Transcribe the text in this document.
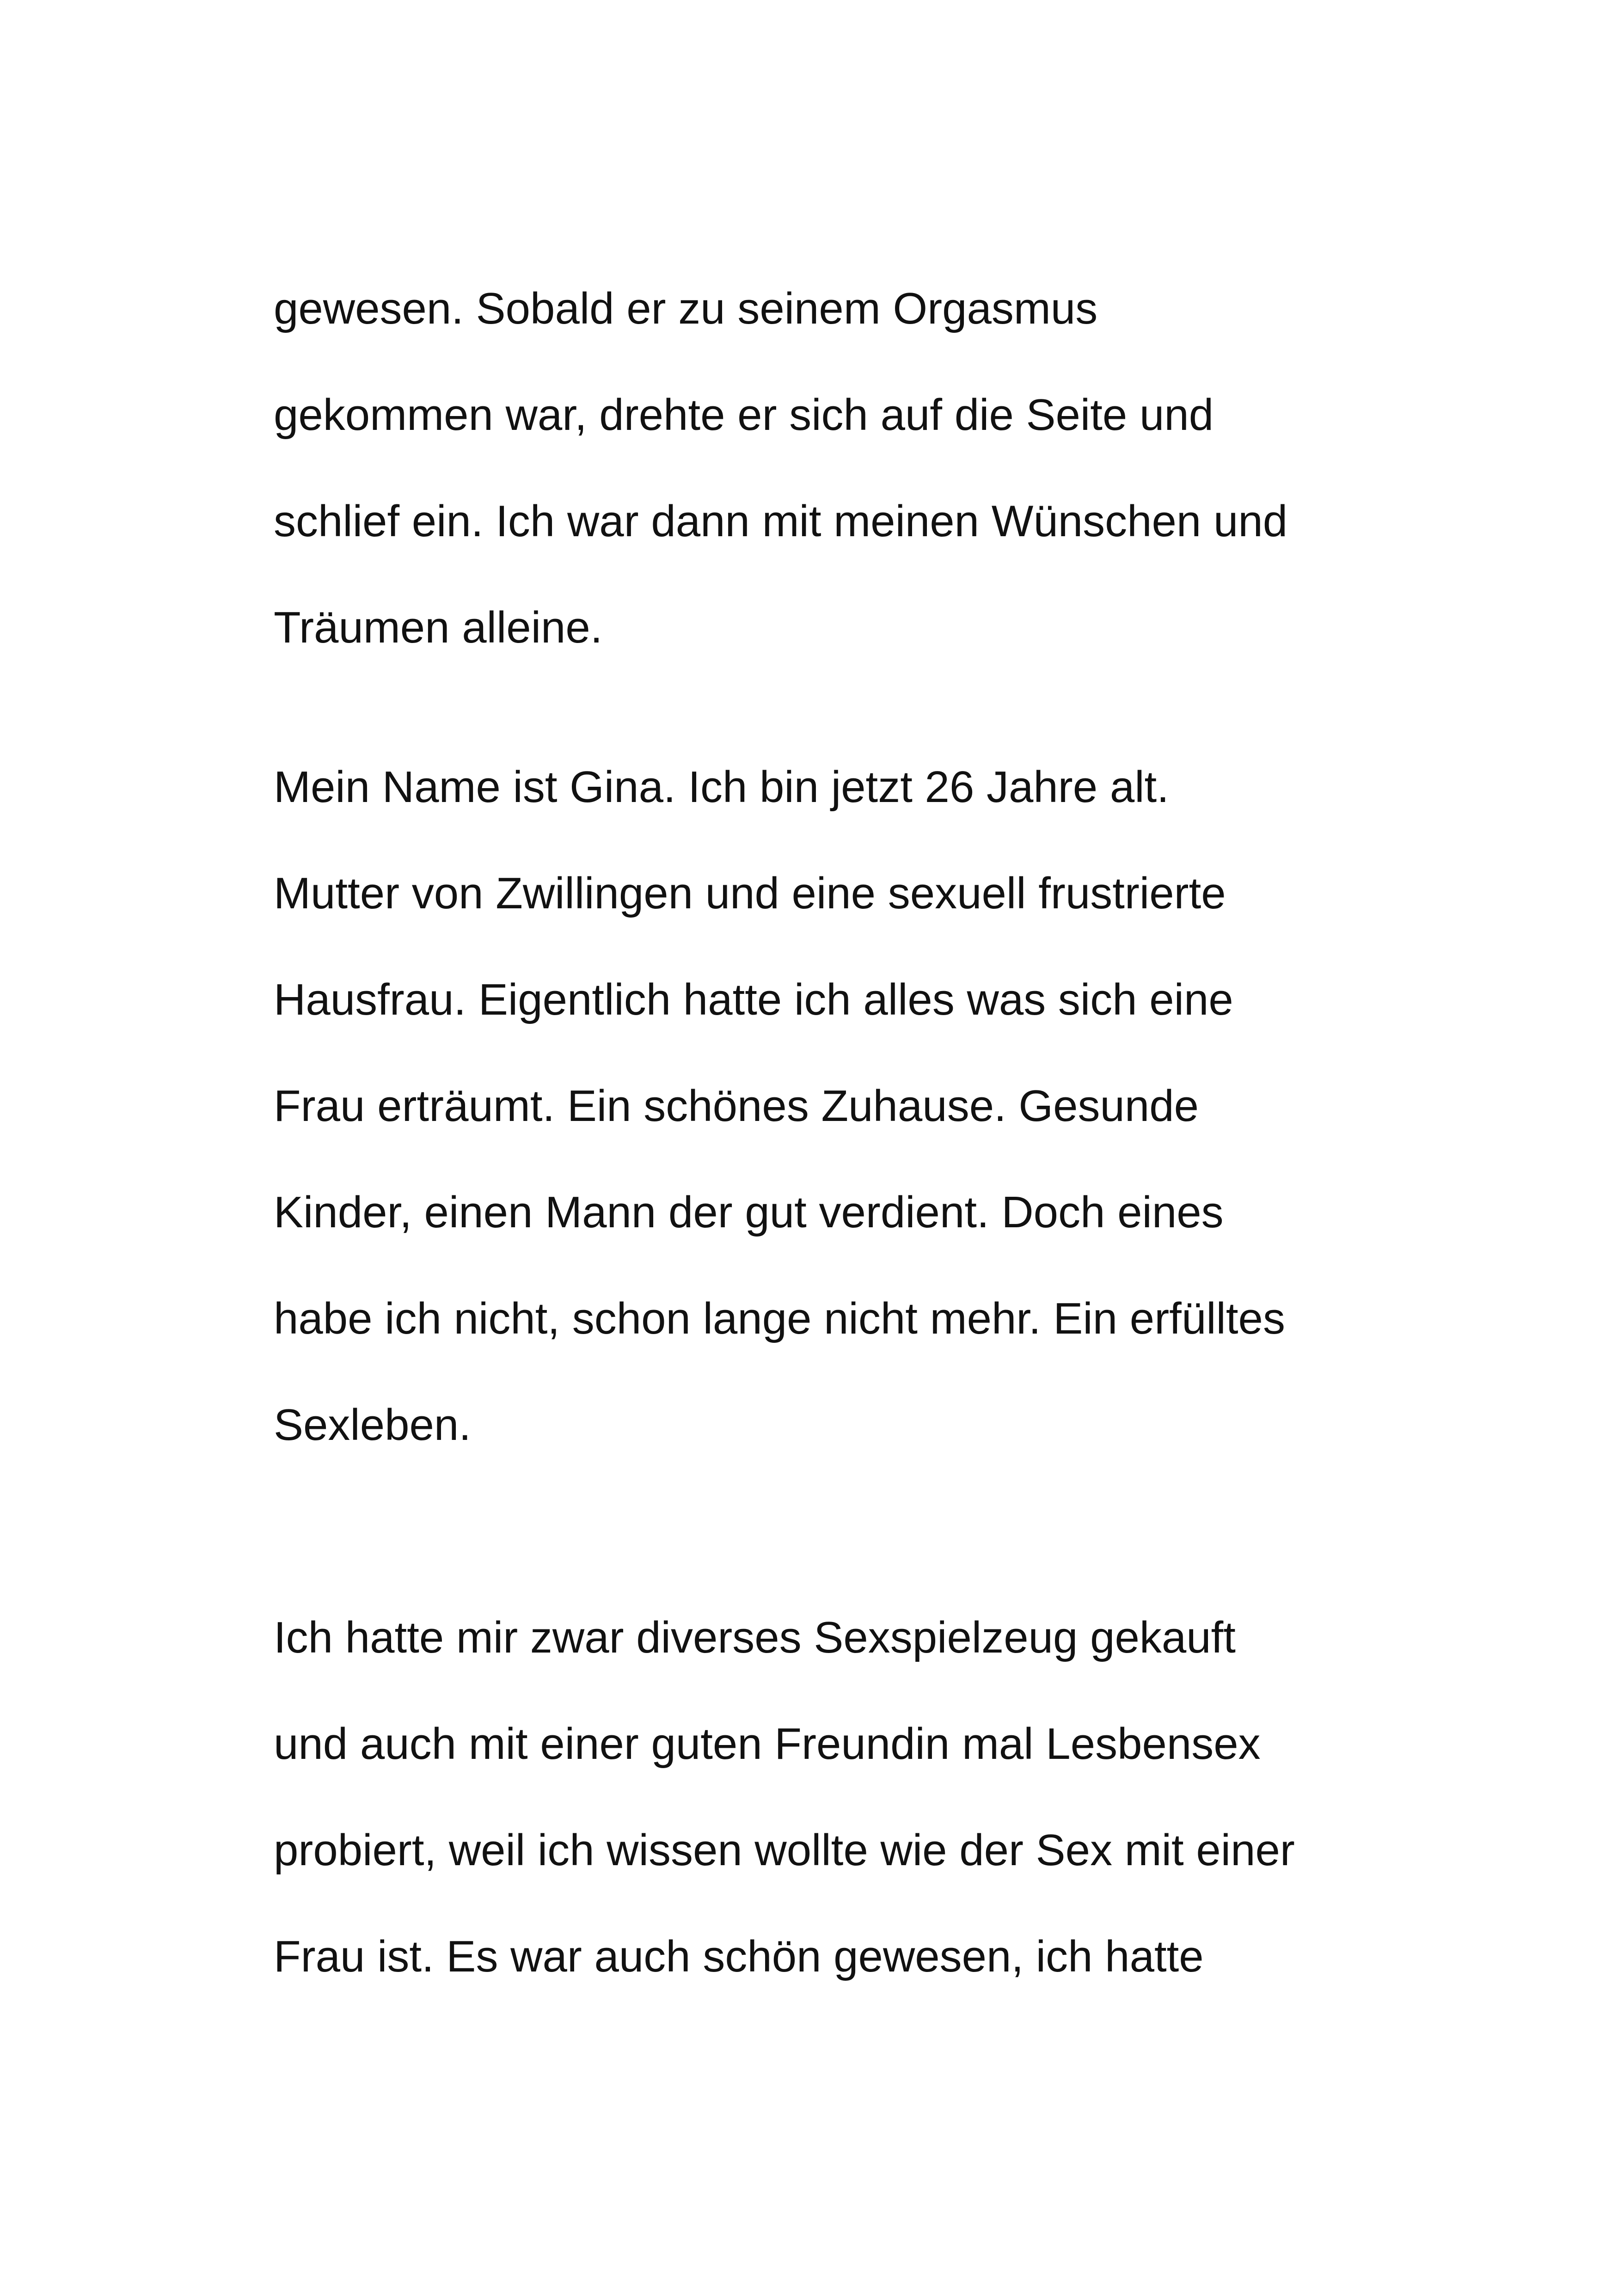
gewesen. Sobald er zu seinem Orgasmus
gekommen war, drehte er sich auf die Seite und
schlief ein. Ich war dann mit meinen Wünschen und
Träumen alleine.
Mein Name ist Gina. Ich bin jetzt 26 Jahre alt.
Mutter von Zwillingen und eine sexuell frustrierte
Hausfrau. Eigentlich hatte ich alles was sich eine
Frau erträumt. Ein schönes Zuhause. Gesunde
Kinder, einen Mann der gut verdient. Doch eines
habe ich nicht, schon lange nicht mehr. Ein erfülltes
Sexleben.
Ich hatte mir zwar diverses Sexspielzeug gekauft
und auch mit einer guten Freundin mal Lesbensex
probiert, weil ich wissen wollte wie der Sex mit einer
Frau ist. Es war auch schön gewesen, ich hatte
